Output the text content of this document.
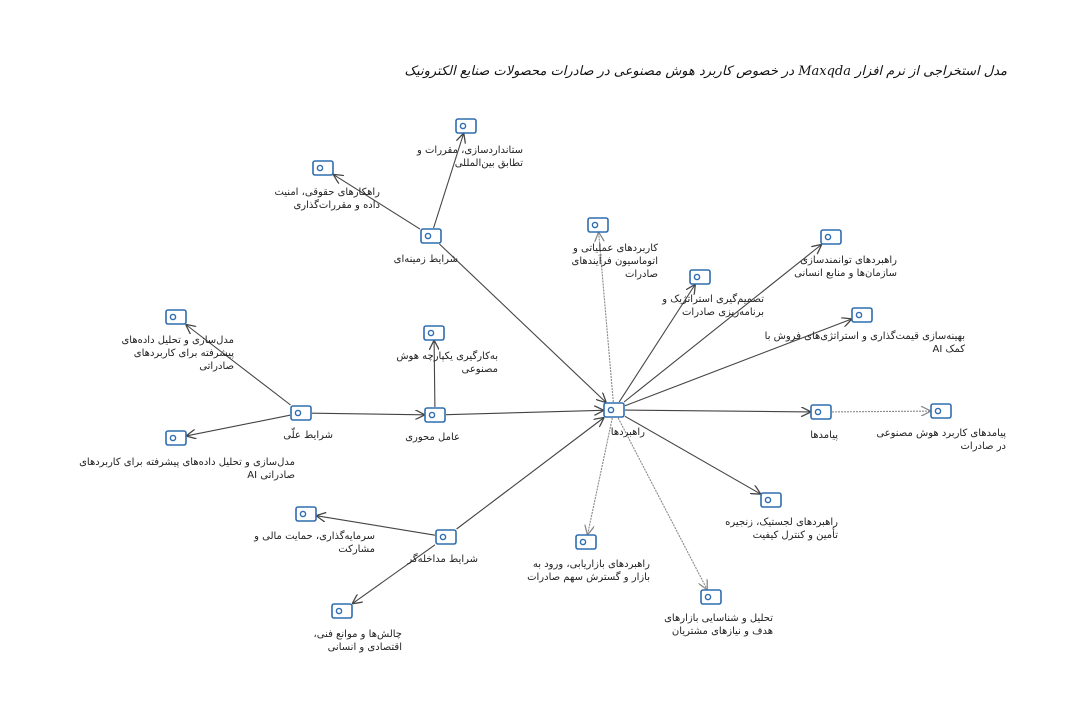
مدل استخراجی از نرم افزار Maxqda در خصوص کاربرد هوش مصنوعی در صادرات محصولات صنایع الکترونیک
ستانداردسازی، مقررات و تطابق بین‌المللی
راهکارهای حقوقی، امنیت داده و مقررات‌گذاری
شرایط زمینه‌ای
کاربردهای عملیاتی و اتوماسیون فرآیندهای صادرات
راهبردهای توانمندسازی سازمان‌ها و منابع انسانی
تصمیم‌گیری استراتژیک و برنامه‌ریزی صادرات
بهینه‌سازی قیمت‌گذاری و استراتژی‌های فروش با کمک AI
به‌کارگیری یکپارچه هوش مصنوعی
مدل‌سازی و تحلیل داده‌های پیشرفته برای کاربردهای صادراتی
شرایط علّی	عامل محوری	راهبردها	پیامدها	پیامدهای کاربرد هوش مصنوعی در صادرات
مدل‌سازی و تحلیل داده‌های پیشرفته برای کاربردهای صادراتی AI
راهبردهای لجستیک، زنجیره تأمین و کنترل کیفیت
سرمایه‌گذاری، حمایت مالی و مشارکت
شرایط مداخله‌گر	راهبردهای بازاریابی، ورود به بازار و گسترش سهم صادرات
تحلیل و شناسایی بازارهای هدف و نیازهای مشتریان
چالش‌ها و موانع فنی، اقتصادی و انسانی
